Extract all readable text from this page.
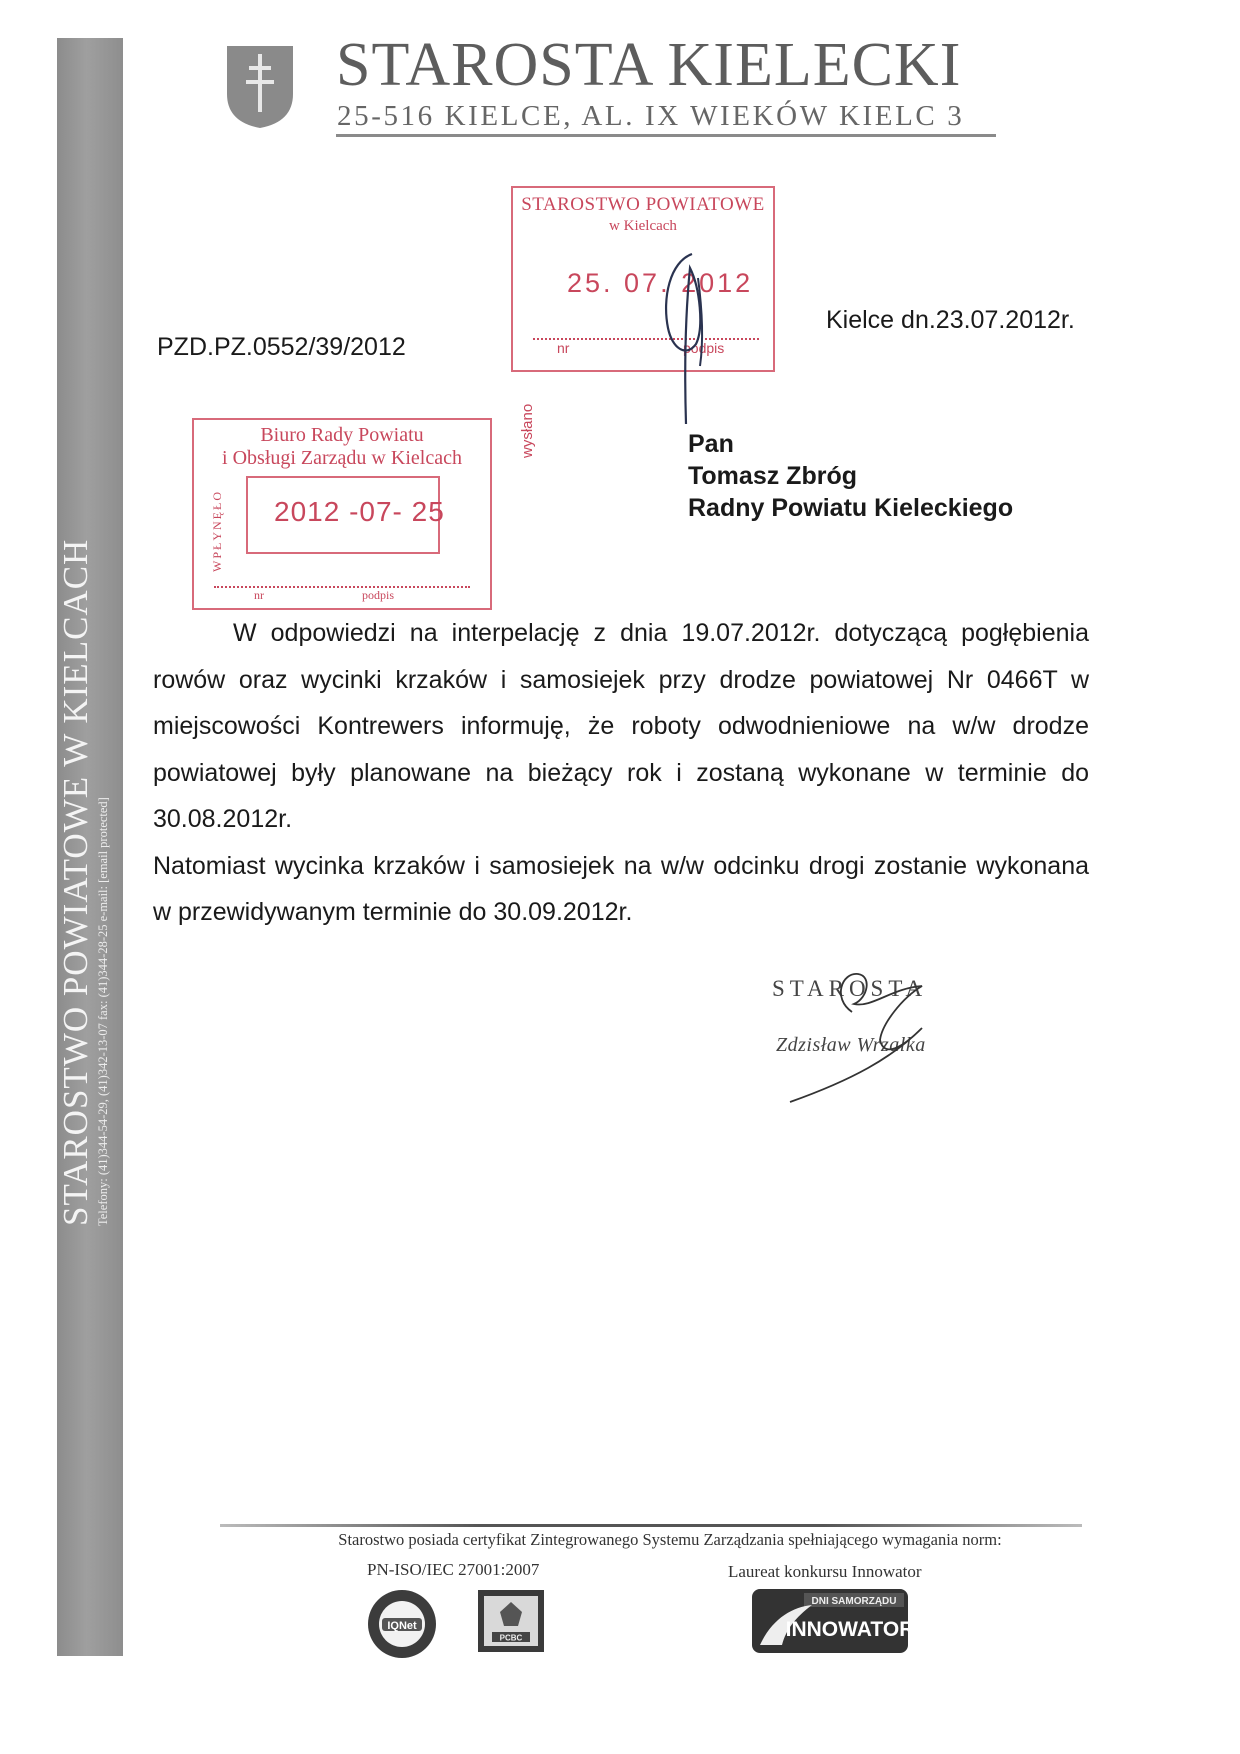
STAROSTWO POWIATOWE W KIELCACH Telefony: (41)344-54-29, (41)342-13-07 fax: (41)344-28-25 e-mail: [email protected]
STAROSTA KIELECKI
25-516 KIELCE, AL. IX WIEKÓW KIELC 3
STAROSTWO POWIATOWE
w Kielcach
wysłano
25. 07. 2012
nr	podpis
Biuro Rady Powiatu
i Obsługi Zarządu w Kielcach
WPŁYNĘŁO 2012 -07- 25
nr	podpis
PZD.PZ.0552/39/2012
Kielce dn.23.07.2012r.
Pan
Tomasz Zbróg
Radny Powiatu Kieleckiego

W odpowiedzi na interpelację z dnia 19.07.2012r. dotyczącą pogłębienia rowów oraz wycinki krzaków i samosiejek przy drodze powiatowej Nr 0466T w miejscowości Kontrewers informuję, że roboty odwodnieniowe na w/w drodze powiatowej były planowane na bieżący rok i zostaną wykonane w terminie do 30.08.2012r.

Natomiast wycinka krzaków i samosiejek na w/w odcinku drogi zostanie wykonana w przewidywanym terminie do 30.09.2012r.

STAROSTA
Zdzisław Wrzałka
Starostwo posiada certyfikat Zintegrowanego Systemu Zarządzania spełniającego wymagania norm:
PN-ISO/IEC 27001:2007	Laureat konkursu Innowator
IQNet
PCBC
DNI SAMORZĄDU
INNOWATOR
